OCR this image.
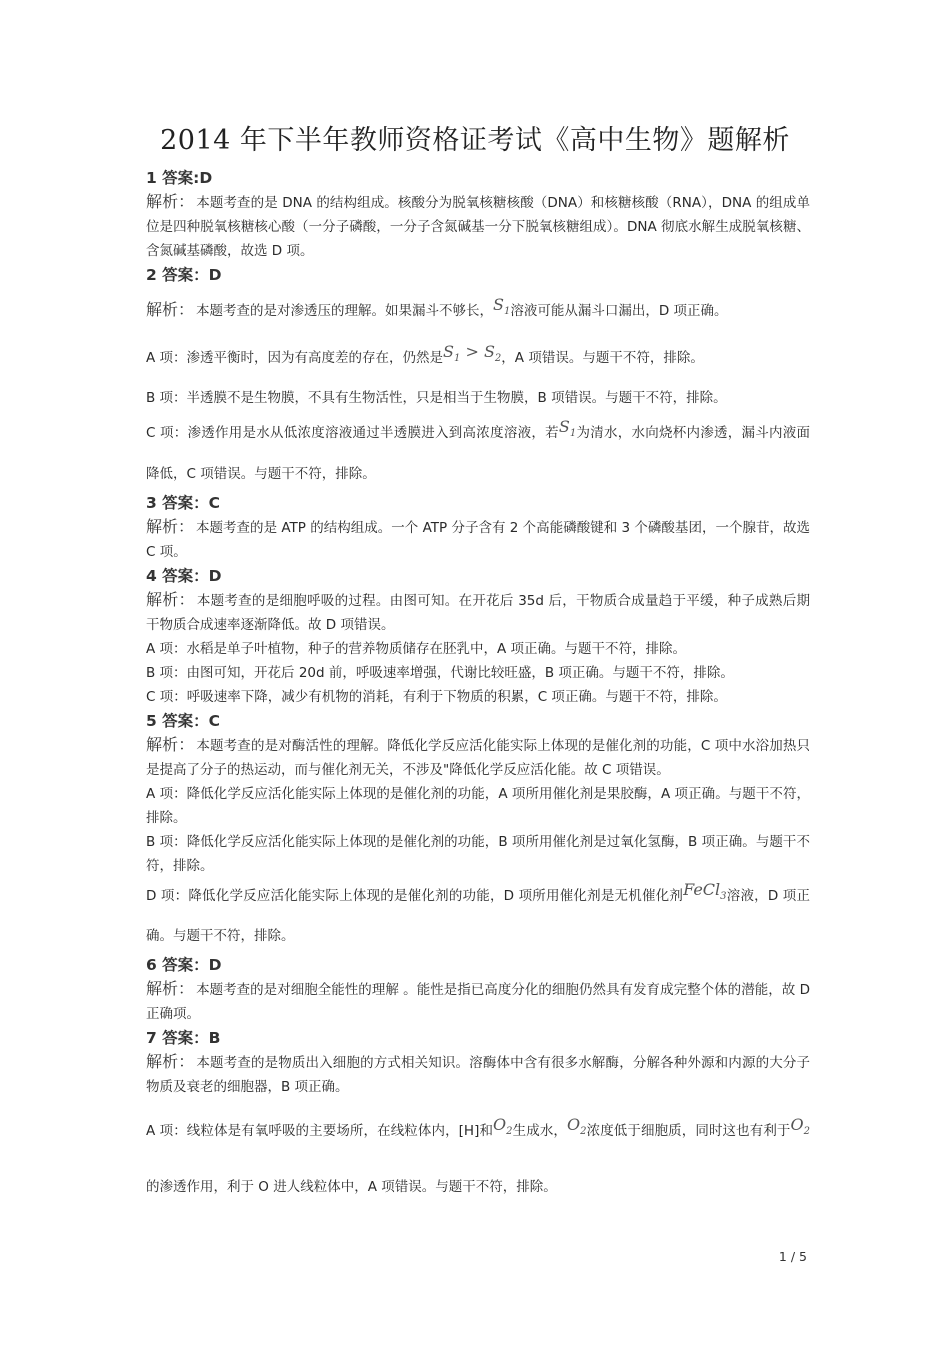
2014 年下半年教师资格证考试《高中生物》题解析

1 答案:D

解析： 本题考查的是 DNA 的结构组成。核酸分为脱氧核糖核酸（DNA）和核糖核酸（RNA），DNA 的组成单位是四种脱氧核糖核心酸（一分子磷酸，一分子含氮碱基一分下脱氧核糖组成）。DNA 彻底水解生成脱氧核糖、含氮碱基磷酸，故选 D 项。

2 答案：D

解析： 本题考查的是对渗透压的理解。如果漏斗不够长，$S_1$溶液可能从漏斗口漏出，D 项正确。

A 项：渗透平衡时，因为有高度差的存在，仍然是$S_1 > S_2$，A 项错误。与题干不符，排除。

B 项：半透膜不是生物膜，不具有生物活性，只是相当于生物膜，B 项错误。与题干不符，排除。

C 项：渗透作用是水从低浓度溶液通过半透膜进入到高浓度溶液，若$S_1$为清水，水向烧杯内渗透，漏斗内液面降低，C 项错误。与题干不符，排除。

3 答案：C

解析： 本题考查的是 ATP 的结构组成。一个 ATP 分子含有 2 个高能磷酸键和 3 个磷酸基团，一个腺苷，故选 C 项。

4 答案：D

解析： 本题考查的是细胞呼吸的过程。由图可知。在开花后 35d 后，干物质合成量趋于平缓，种子成熟后期干物质合成速率逐渐降低。故 D 项错误。

A 项：水稻是单子叶植物，种子的营养物质储存在胚乳中，A 项正确。与题干不符，排除。

B 项：由图可知，开花后 20d 前，呼吸速率增强，代谢比较旺盛，B 项正确。与题干不符，排除。

C 项：呼吸速率下降，减少有机物的消耗，有利于下物质的积累，C 项正确。与题干不符，排除。

5 答案：C

解析： 本题考查的是对酶活性的理解。降低化学反应活化能实际上体现的是催化剂的功能，C 项中水浴加热只是提高了分子的热运动，而与催化剂无关，不涉及"降低化学反应活化能。故 C 项错误。

A 项：降低化学反应活化能实际上体现的是催化剂的功能，A 项所用催化剂是果胶酶，A 项正确。与题干不符，排除。

B 项：降低化学反应活化能实际上体现的是催化剂的功能，B 项所用催化剂是过氧化氢酶，B 项正确。与题干不符，排除。

D 项：降低化学反应活化能实际上体现的是催化剂的功能，D 项所用催化剂是无机催化剂FeCl$_3$溶液，D 项正确。与题干不符，排除。

6 答案：D

解析： 本题考查的是对细胞全能性的理解 。能性是指已高度分化的细胞仍然具有发育成完整个体的潜能，故 D 正确项。

7 答案：B

解析： 本题考查的是物质出入细胞的方式相关知识。溶酶体中含有很多水解酶，分解各种外源和内源的大分子物质及衰老的细胞器，B 项正确。

A 项：线粒体是有氧呼吸的主要场所，在线粒体内，[H]和$O_2$生成水，$O_2$浓度低于细胞质，同时这也有利于$O_2$的渗透作用，利于 O 进人线粒体中，A 项错误。与题干不符，排除。

1 / 5
